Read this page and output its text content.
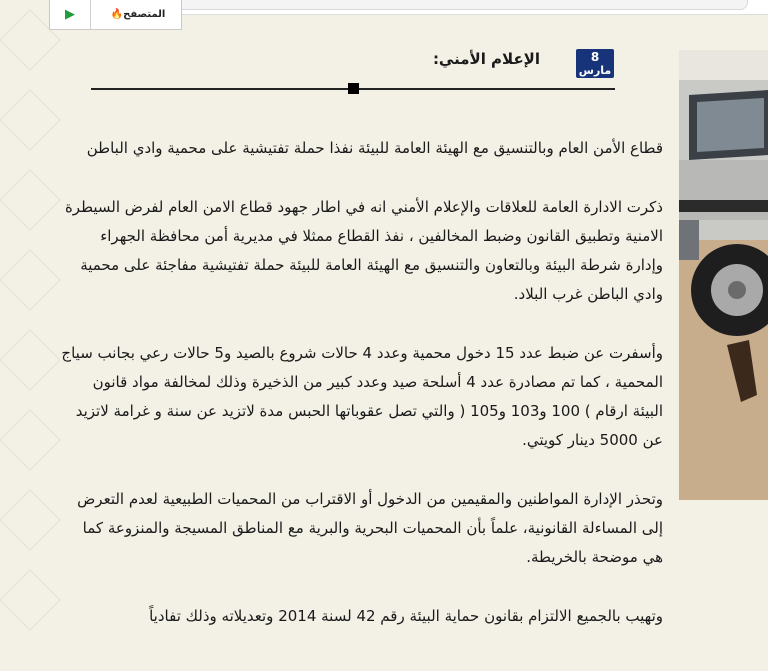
▶	المتصفح
🔥
8
مارس
الإعلام الأمني:

قطاع الأمن العام وبالتنسيق مع الهيئة العامة للبيئة نفذا حملة تفتيشية على محمية وادي الباطن

ذكرت الادارة العامة للعلاقات والإعلام الأمني انه في اطار جهود قطاع الامن العام لفرض السيطرة الامنية وتطبيق القانون وضبط المخالفين ، نفذ القطاع ممثلا في مديرية أمن محافظة الجهراء وإدارة شرطة البيئة وبالتعاون والتنسيق مع الهيئة العامة للبيئة حملة تفتيشية مفاجئة على محمية وادي الباطن غرب البلاد.

وأسفرت عن ضبط عدد 15 دخول محمية وعدد 4 حالات شروع بالصيد و5 حالات رعي بجانب سياج المحمية ، كما تم مصادرة عدد 4 أسلحة صيد وعدد كبير من الذخيرة وذلك لمخالفة مواد قانون البيئة ارقام ) 100 و103 و105 ( والتي تصل عقوباتها الحبس مدة لاتزيد عن سنة و غرامة لاتزيد عن 5000 دينار كويتي.

وتحذر الإدارة المواطنين والمقيمين من الدخول أو الاقتراب من المحميات الطبيعية لعدم التعرض إلى المساءلة القانونية، علماً بأن المحميات البحرية والبرية مع المناطق المسيجة والمنزوعة كما هي موضحة بالخريطة.

وتهيب بالجميع الالتزام بقانون حماية البيئة رقم 42 لسنة 2014 وتعديلاته وذلك تفادياً
